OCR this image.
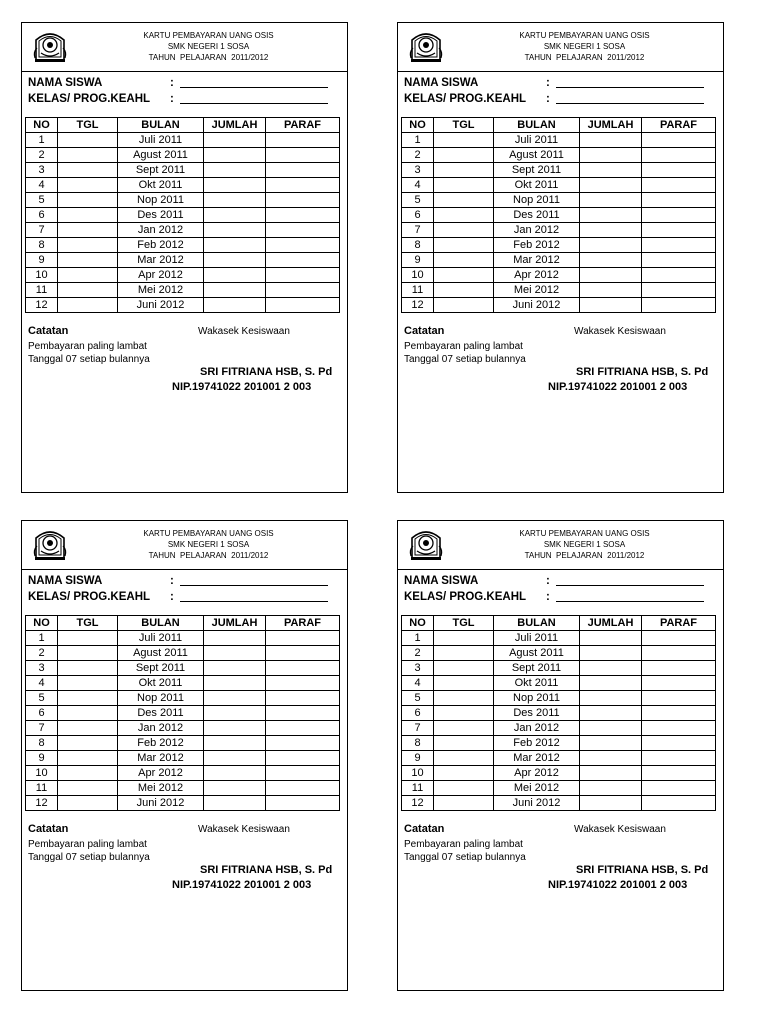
KARTU PEMBAYARAN UANG OSIS
SMK NEGERI 1 SOSA
TAHUN  PELAJARAN  2011/2012
NAMA SISWA	:
KELAS/ PROG.KEAHL :
NO	TGL	BULAN	JUMLAH	PARAF
1		Juli 2011		
2		Agust 2011		
3		Sept 2011		
4		Okt 2011		
5		Nop 2011		
6		Des 2011		
7		Jan 2012		
8		Feb 2012		
9		Mar 2012		
10		Apr 2012		
11		Mei 2012		
12		Juni 2012		
Catatan	Wakasek Kesiswaan
Pembayaran paling lambat
Tanggal 07 setiap bulannya
SRI FITRIANA HSB, S. Pd
NIP.19741022 201001 2 003
KARTU PEMBAYARAN UANG OSIS
SMK NEGERI 1 SOSA
TAHUN  PELAJARAN  2011/2012
NAMA SISWA	:
KELAS/ PROG.KEAHL :
NO	TGL	BULAN	JUMLAH	PARAF
1		Juli 2011		
2		Agust 2011		
3		Sept 2011		
4		Okt 2011		
5		Nop 2011		
6		Des 2011		
7		Jan 2012		
8		Feb 2012		
9		Mar 2012		
10		Apr 2012		
11		Mei 2012		
12		Juni 2012		
Catatan	Wakasek Kesiswaan
Pembayaran paling lambat
Tanggal 07 setiap bulannya
SRI FITRIANA HSB, S. Pd
NIP.19741022 201001 2 003
KARTU PEMBAYARAN UANG OSIS
SMK NEGERI 1 SOSA
TAHUN  PELAJARAN  2011/2012
NAMA SISWA	:
KELAS/ PROG.KEAHL :
NO	TGL	BULAN	JUMLAH	PARAF
1		Juli 2011		
2		Agust 2011		
3		Sept 2011		
4		Okt 2011		
5		Nop 2011		
6		Des 2011		
7		Jan 2012		
8		Feb 2012		
9		Mar 2012		
10		Apr 2012		
11		Mei 2012		
12		Juni 2012		
Catatan	Wakasek Kesiswaan
Pembayaran paling lambat
Tanggal 07 setiap bulannya
SRI FITRIANA HSB, S. Pd
NIP.19741022 201001 2 003
KARTU PEMBAYARAN UANG OSIS
SMK NEGERI 1 SOSA
TAHUN  PELAJARAN  2011/2012
NAMA SISWA	:
KELAS/ PROG.KEAHL :
NO	TGL	BULAN	JUMLAH	PARAF
1		Juli 2011		
2		Agust 2011		
3		Sept 2011		
4		Okt 2011		
5		Nop 2011		
6		Des 2011		
7		Jan 2012		
8		Feb 2012		
9		Mar 2012		
10		Apr 2012		
11		Mei 2012		
12		Juni 2012		
Catatan	Wakasek Kesiswaan
Pembayaran paling lambat
Tanggal 07 setiap bulannya
SRI FITRIANA HSB, S. Pd
NIP.19741022 201001 2 003
